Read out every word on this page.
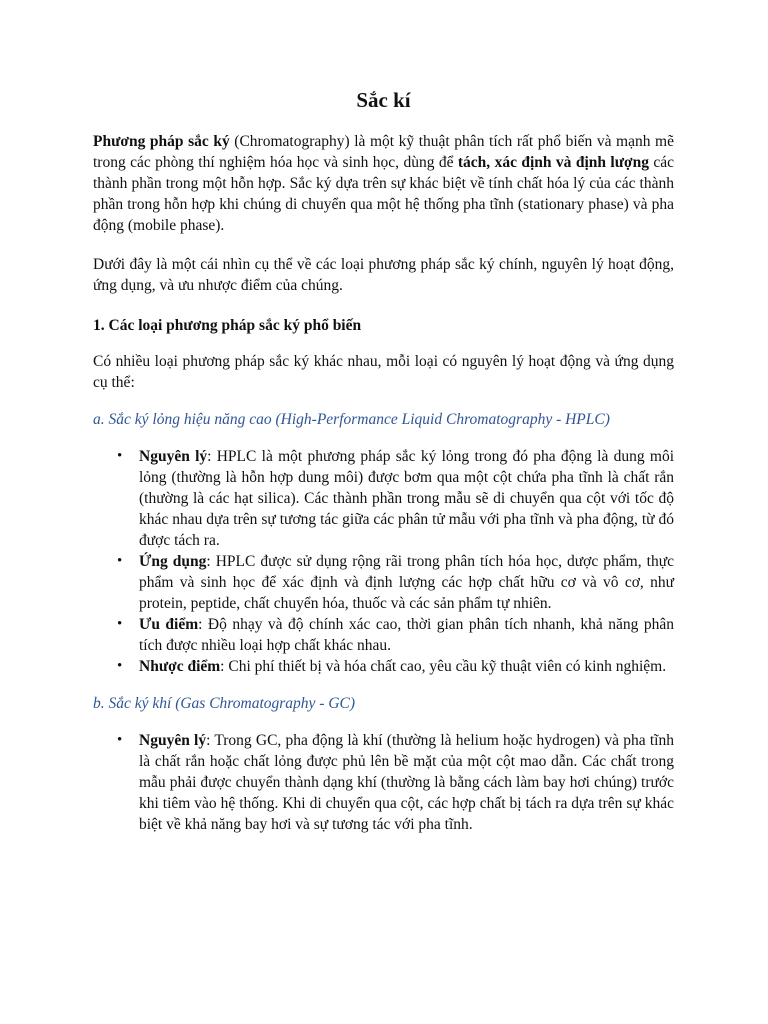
Sắc kí

Phương pháp sắc ký (Chromatography) là một kỹ thuật phân tích rất phổ biến và mạnh mẽ trong các phòng thí nghiệm hóa học và sinh học, dùng để tách, xác định và định lượng các thành phần trong một hỗn hợp. Sắc ký dựa trên sự khác biệt về tính chất hóa lý của các thành phần trong hỗn hợp khi chúng di chuyển qua một hệ thống pha tĩnh (stationary phase) và pha động (mobile phase).

Dưới đây là một cái nhìn cụ thể về các loại phương pháp sắc ký chính, nguyên lý hoạt động, ứng dụng, và ưu nhược điểm của chúng.

1. Các loại phương pháp sắc ký phổ biến

Có nhiều loại phương pháp sắc ký khác nhau, mỗi loại có nguyên lý hoạt động và ứng dụng cụ thể:

a. Sắc ký lỏng hiệu năng cao (High-Performance Liquid Chromatography - HPLC)

• Nguyên lý: HPLC là một phương pháp sắc ký lỏng trong đó pha động là dung môi lỏng (thường là hỗn hợp dung môi) được bơm qua một cột chứa pha tĩnh là chất rắn (thường là các hạt silica). Các thành phần trong mẫu sẽ di chuyển qua cột với tốc độ khác nhau dựa trên sự tương tác giữa các phân tử mẫu với pha tĩnh và pha động, từ đó được tách ra.
• Ứng dụng: HPLC được sử dụng rộng rãi trong phân tích hóa học, dược phẩm, thực phẩm và sinh học để xác định và định lượng các hợp chất hữu cơ và vô cơ, như protein, peptide, chất chuyển hóa, thuốc và các sản phẩm tự nhiên.
• Ưu điểm: Độ nhạy và độ chính xác cao, thời gian phân tích nhanh, khả năng phân tích được nhiều loại hợp chất khác nhau.
• Nhược điểm: Chi phí thiết bị và hóa chất cao, yêu cầu kỹ thuật viên có kinh nghiệm.

b. Sắc ký khí (Gas Chromatography - GC)

• Nguyên lý: Trong GC, pha động là khí (thường là helium hoặc hydrogen) và pha tĩnh là chất rắn hoặc chất lỏng được phủ lên bề mặt của một cột mao dẫn. Các chất trong mẫu phải được chuyển thành dạng khí (thường là bằng cách làm bay hơi chúng) trước khi tiêm vào hệ thống. Khi di chuyển qua cột, các hợp chất bị tách ra dựa trên sự khác biệt về khả năng bay hơi và sự tương tác với pha tĩnh.
